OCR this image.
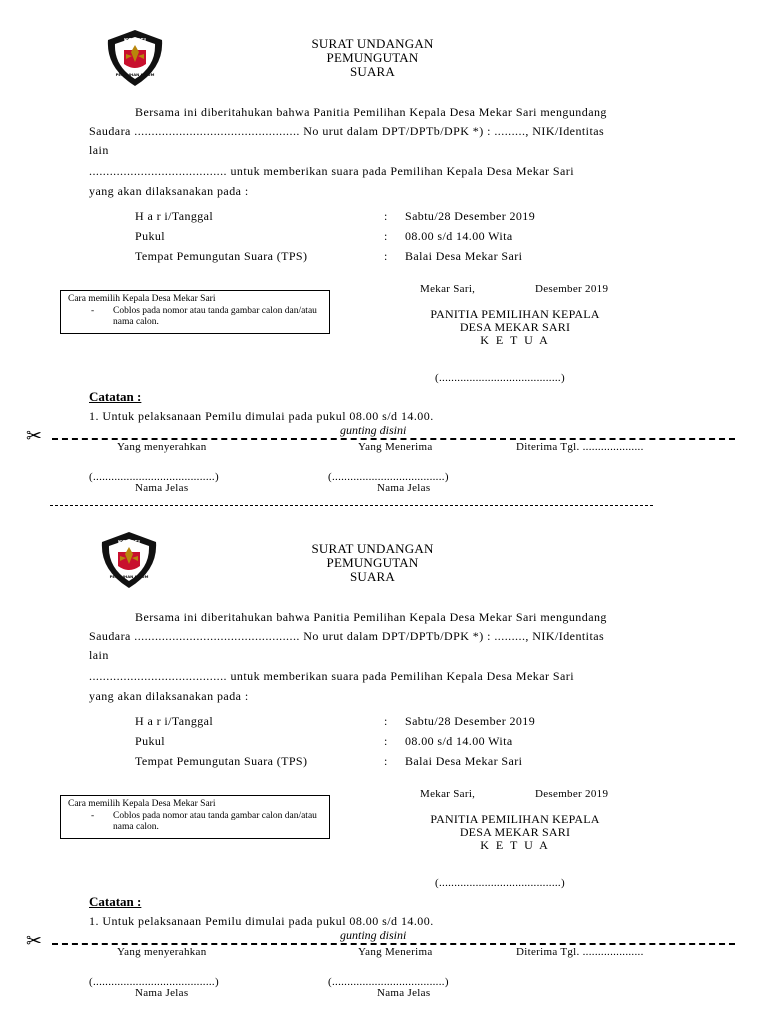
KOMISI
PEMILIHAN UMUM
SURAT UNDANGAN
PEMUNGUTAN
SUARA
Bersama ini diberitahukan bahwa Panitia Pemilihan Kepala Desa Mekar Sari mengundang
Saudara ................................................ No urut dalam DPT/DPTb/DPK *) : ........., NIK/Identitas
lain
........................................ untuk memberikan suara pada Pemilihan Kepala Desa Mekar Sari
yang akan dilaksanakan pada :
H a r i/Tanggal	: Sabtu/28 Desember 2019
Pukul	: 08.00 s/d 14.00 Wita
Tempat Pemungutan Suara (TPS)	: Balai Desa Mekar Sari
Cara memilih Kepala Desa Mekar Sari
- Coblos pada nomor atau tanda gambar calon dan/atau nama calon.
Mekar Sari,	Desember 2019
PANITIA PEMILIHAN KEPALA
DESA MEKAR SARI
K E T U A
(........................................)
Catatan :
1. Untuk pelaksanaan Pemilu dimulai pada pukul 08.00 s/d 14.00.
gunting disini
✂	Yang menyerahkan	Yang Menerima	Diterima Tgl. ....................
(........................................)	(.....................................)
Nama Jelas	Nama Jelas
KOMISI
PEMILIHAN UMUM
SURAT UNDANGAN
PEMUNGUTAN
SUARA
Bersama ini diberitahukan bahwa Panitia Pemilihan Kepala Desa Mekar Sari mengundang
Saudara ................................................ No urut dalam DPT/DPTb/DPK *) : ........., NIK/Identitas
lain
........................................ untuk memberikan suara pada Pemilihan Kepala Desa Mekar Sari
yang akan dilaksanakan pada :
H a r i/Tanggal	: Sabtu/28 Desember 2019
Pukul	: 08.00 s/d 14.00 Wita
Tempat Pemungutan Suara (TPS)	: Balai Desa Mekar Sari
Cara memilih Kepala Desa Mekar Sari
- Coblos pada nomor atau tanda gambar calon dan/atau nama calon.
Mekar Sari,	Desember 2019
PANITIA PEMILIHAN KEPALA
DESA MEKAR SARI
K E T U A
(........................................)
Catatan :
1. Untuk pelaksanaan Pemilu dimulai pada pukul 08.00 s/d 14.00.
gunting disini
✂	Yang menyerahkan	Yang Menerima	Diterima Tgl. ....................
(........................................)	(.....................................)
Nama Jelas	Nama Jelas
